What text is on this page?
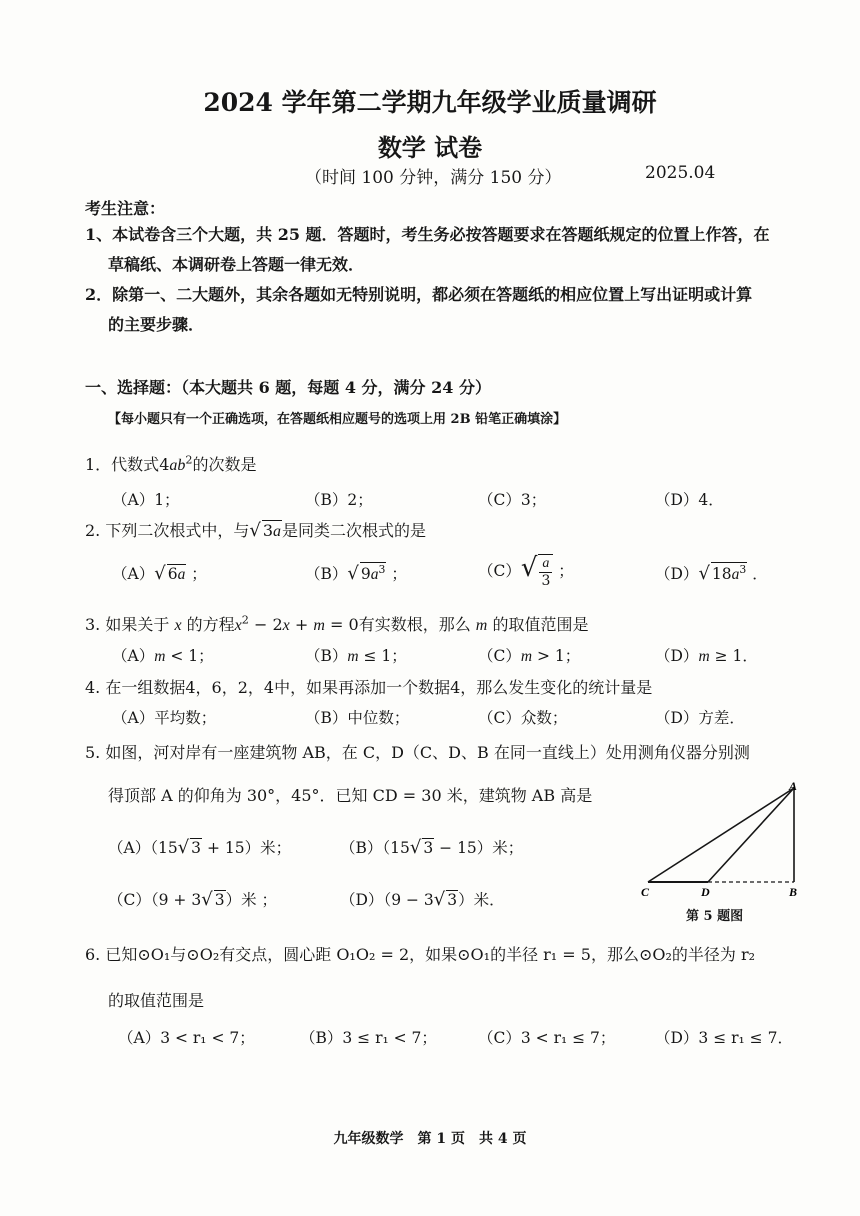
2024 学年第二学期九年级学业质量调研
数学 试卷
（时间 100 分钟，满分 150 分）	2025.04
考生注意：
1、本试卷含三个大题，共 25 题．答题时，考生务必按答题要求在答题纸规定的位置上作答，在
草稿纸、本调研卷上答题一律无效．
2．除第一、二大题外，其余各题如无特别说明，都必须在答题纸的相应位置上写出证明或计算
的主要步骤．
一、选择题：（本大题共 6 题，每题 4 分，满分 24 分）
【每小题只有一个正确选项，在答题纸相应题号的选项上用 2B 铅笔正确填涂】
1．代数式$4ab^2$的次数是
（A）1；	（B）2；	（C）3；	（D）4．
2. 下列二次根式中，与√ 3a是同类二次根式的是
（A）√ 6a ；	（B）√ $9a^3$ ；	$(C)√ \frac{a}{3}$ ；	（D）√ $18a^3$ ．
3. 如果关于 x 的方程$x^2 - 2x + m = 0$有实数根，那么 m 的取值范围是
（A）m < 1；	（B）m ≤ 1；	（C）m > 1；	（D）m ≥ 1．
4. 在一组数据4，6，2，4中，如果再添加一个数据4，那么发生变化的统计量是
（A）平均数；	（B）中位数；	（C）众数；	（D）方差．
5. 如图，河对岸有一座建筑物 AB，在 C，D（C、D、B 在同一直线上）处用测角仪器分别测
得顶部 A 的仰角为 30°，45°．已知 CD = 30 米，建筑物 AB 高是
（A）（15√ 3 + 15）米；	（B）（15√ 3 − 15）米；
（C）（9 + 3√ 3）米 ；	（D）（9 − 3√ 3）米．
A
C	D	B
第 5 题图
6. 已知⊙O₁与⊙O₂有交点，圆心距 O₁O₂ = 2，如果⊙O₁的半径 r₁ = 5，那么⊙O₂的半径为 r₂
的取值范围是
（A）3 < r₁ < 7；	（B）3 ≤ r₁ < 7；	（C）3 < r₁ ≤ 7；	（D）3 ≤ r₁ ≤ 7．
九年级数学　第 1 页　共 4 页
